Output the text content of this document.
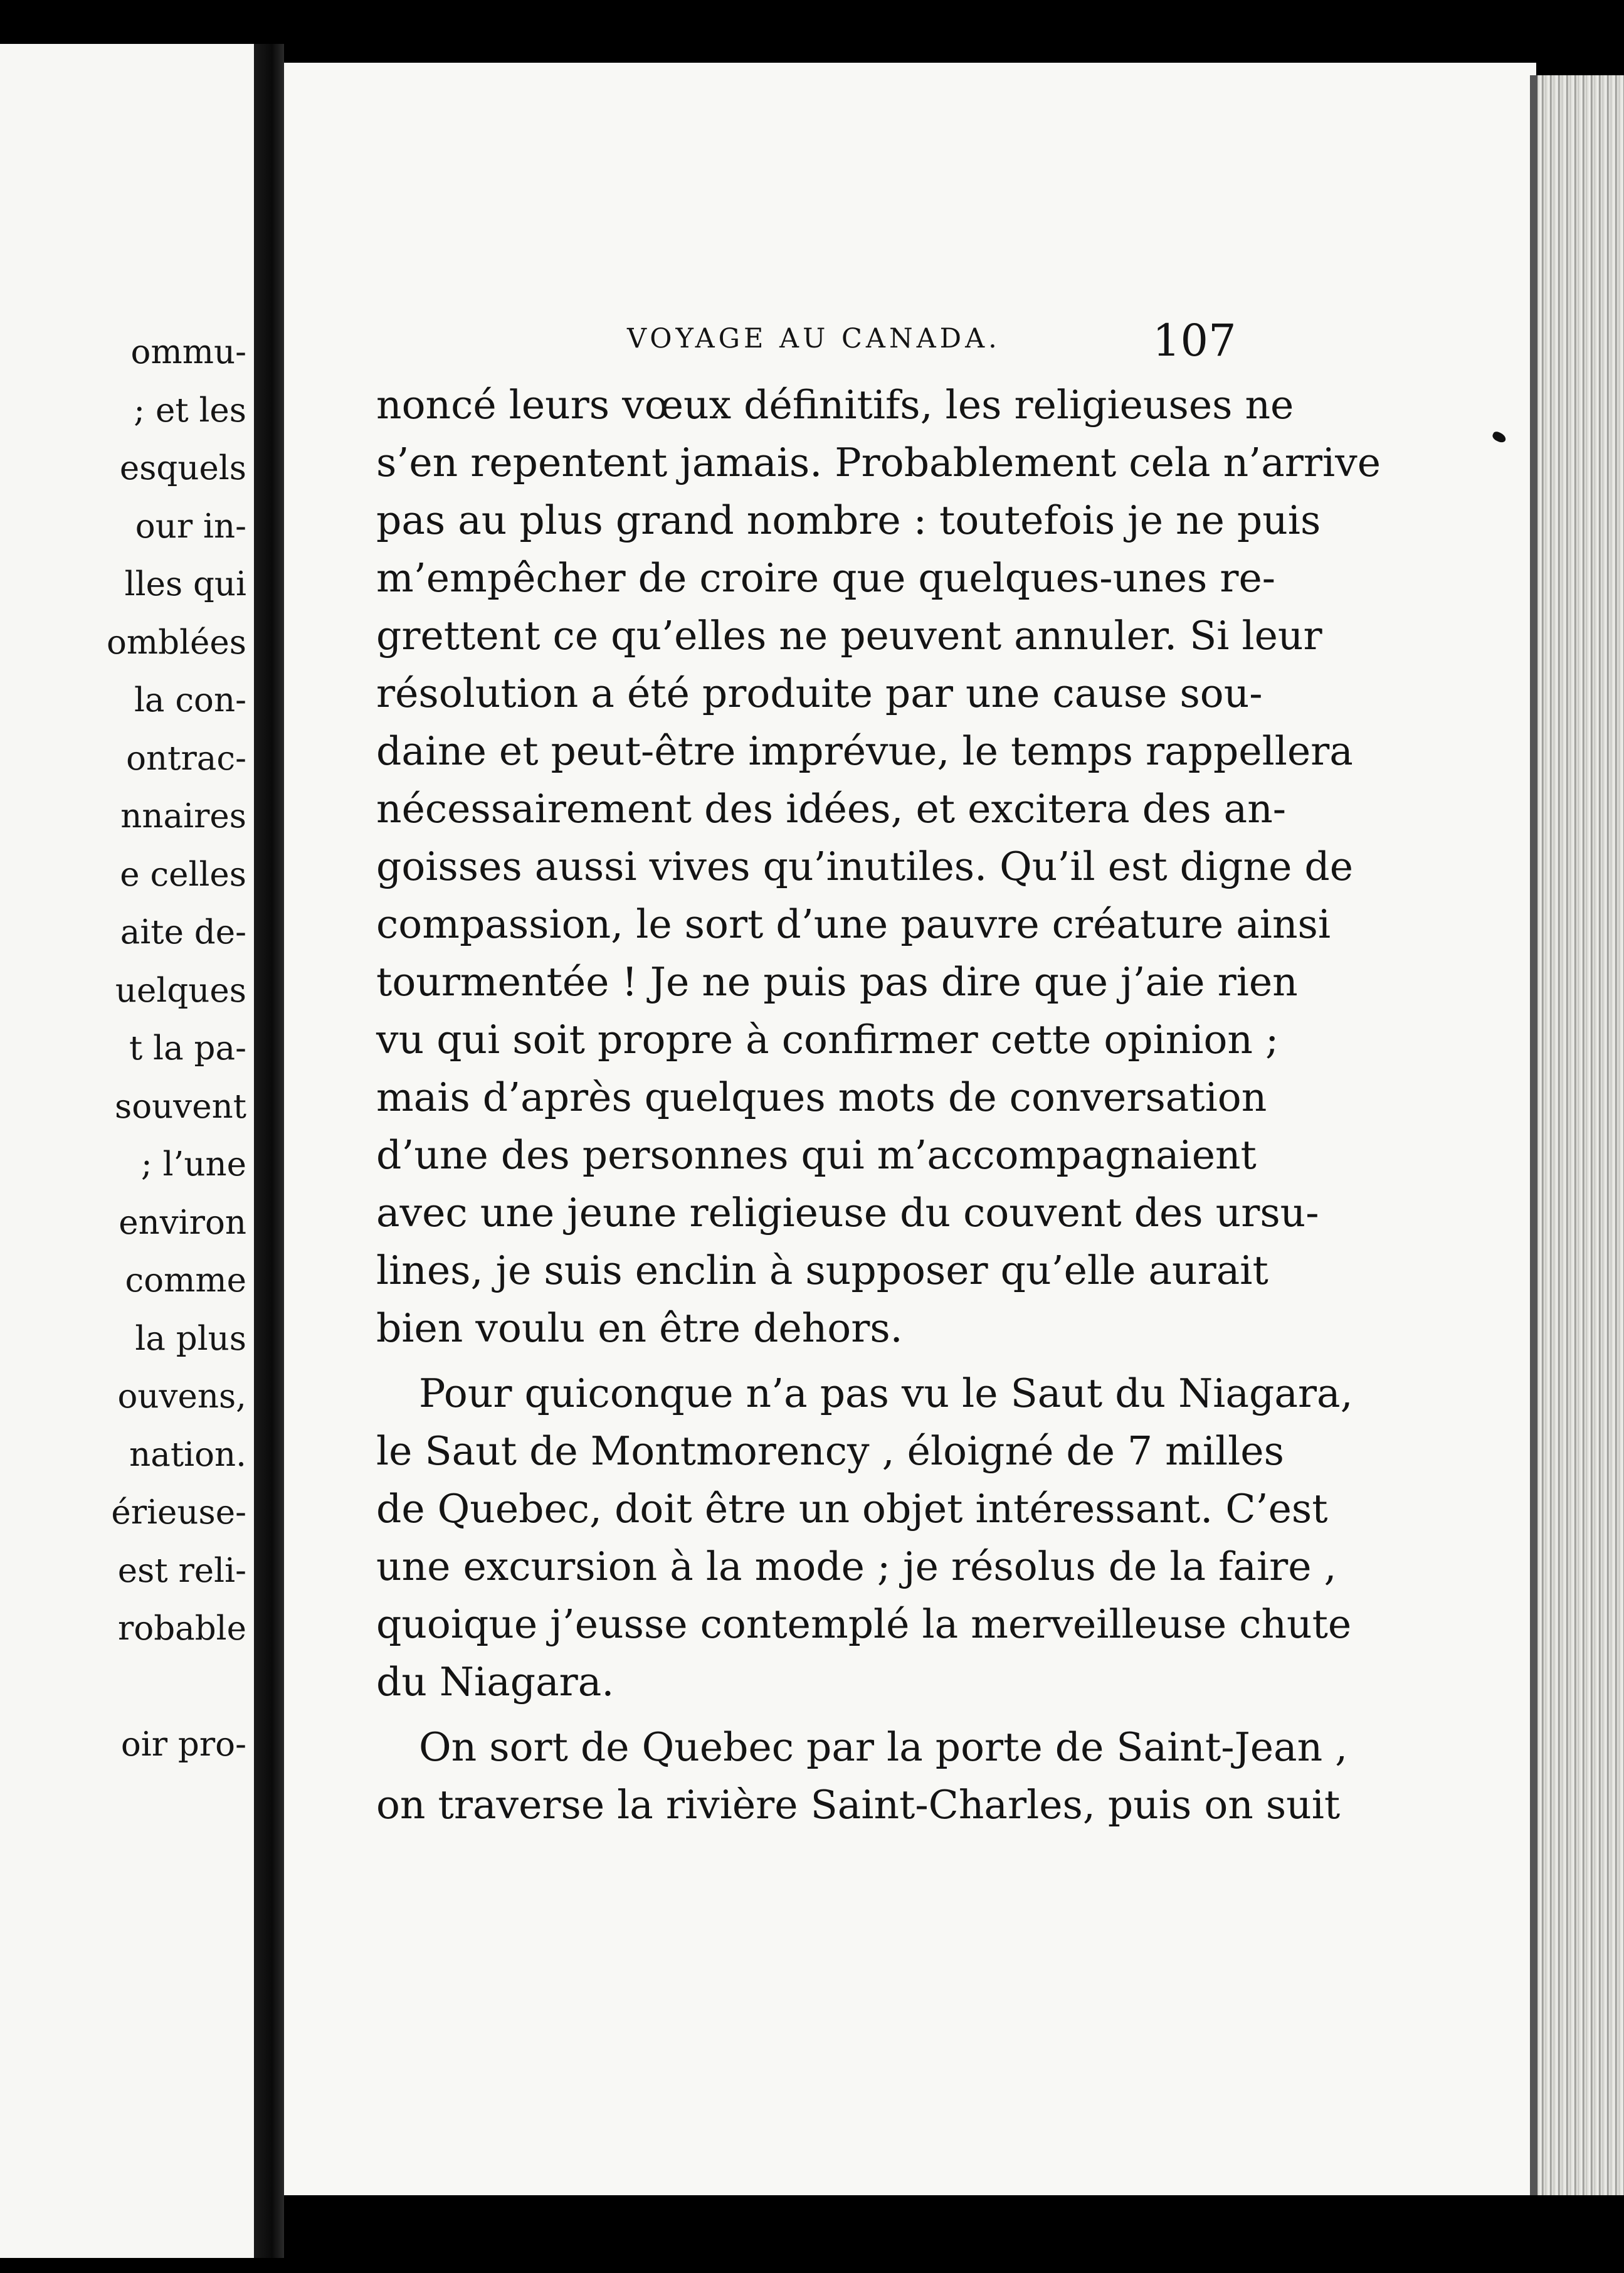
ommu-
; et les
esquels
our in-
lles qui
omblées
la con-
ontrac-
nnaires
e celles
aite de-
uelques
t la pa-
souvent
; l’une
environ
comme
la plus
ouvens,
nation.
érieuse-
est reli-
robable
oir pro-
VOYAGE AU CANADA.	107
noncé leurs vœux définitifs, les religieuses ne
s’en repentent jamais. Probablement cela n’arrive
pas au plus grand nombre : toutefois je ne puis
m’empêcher de croire que quelques-unes re-
grettent ce qu’elles ne peuvent annuler. Si leur
résolution a été produite par une cause sou-
daine et peut-être imprévue, le temps rappellera
nécessairement des idées, et excitera des an-
goisses aussi vives qu’inutiles. Qu’il est digne de
compassion, le sort d’une pauvre créature ainsi
tourmentée ! Je ne puis pas dire que j’aie rien
vu qui soit propre à confirmer cette opinion ;
mais d’après quelques mots de conversation
d’une des personnes qui m’accompagnaient
avec une jeune religieuse du couvent des ursu-
lines, je suis enclin à supposer qu’elle aurait
bien voulu en être dehors.
Pour quiconque n’a pas vu le Saut du Niagara,
le Saut de Montmorency , éloigné de 7 milles
de Quebec, doit être un objet intéressant. C’est
une excursion à la mode ; je résolus de la faire ,
quoique j’eusse contemplé la merveilleuse chute
du Niagara.
On sort de Quebec par la porte de Saint-Jean ,
on traverse la rivière Saint-Charles, puis on suit
